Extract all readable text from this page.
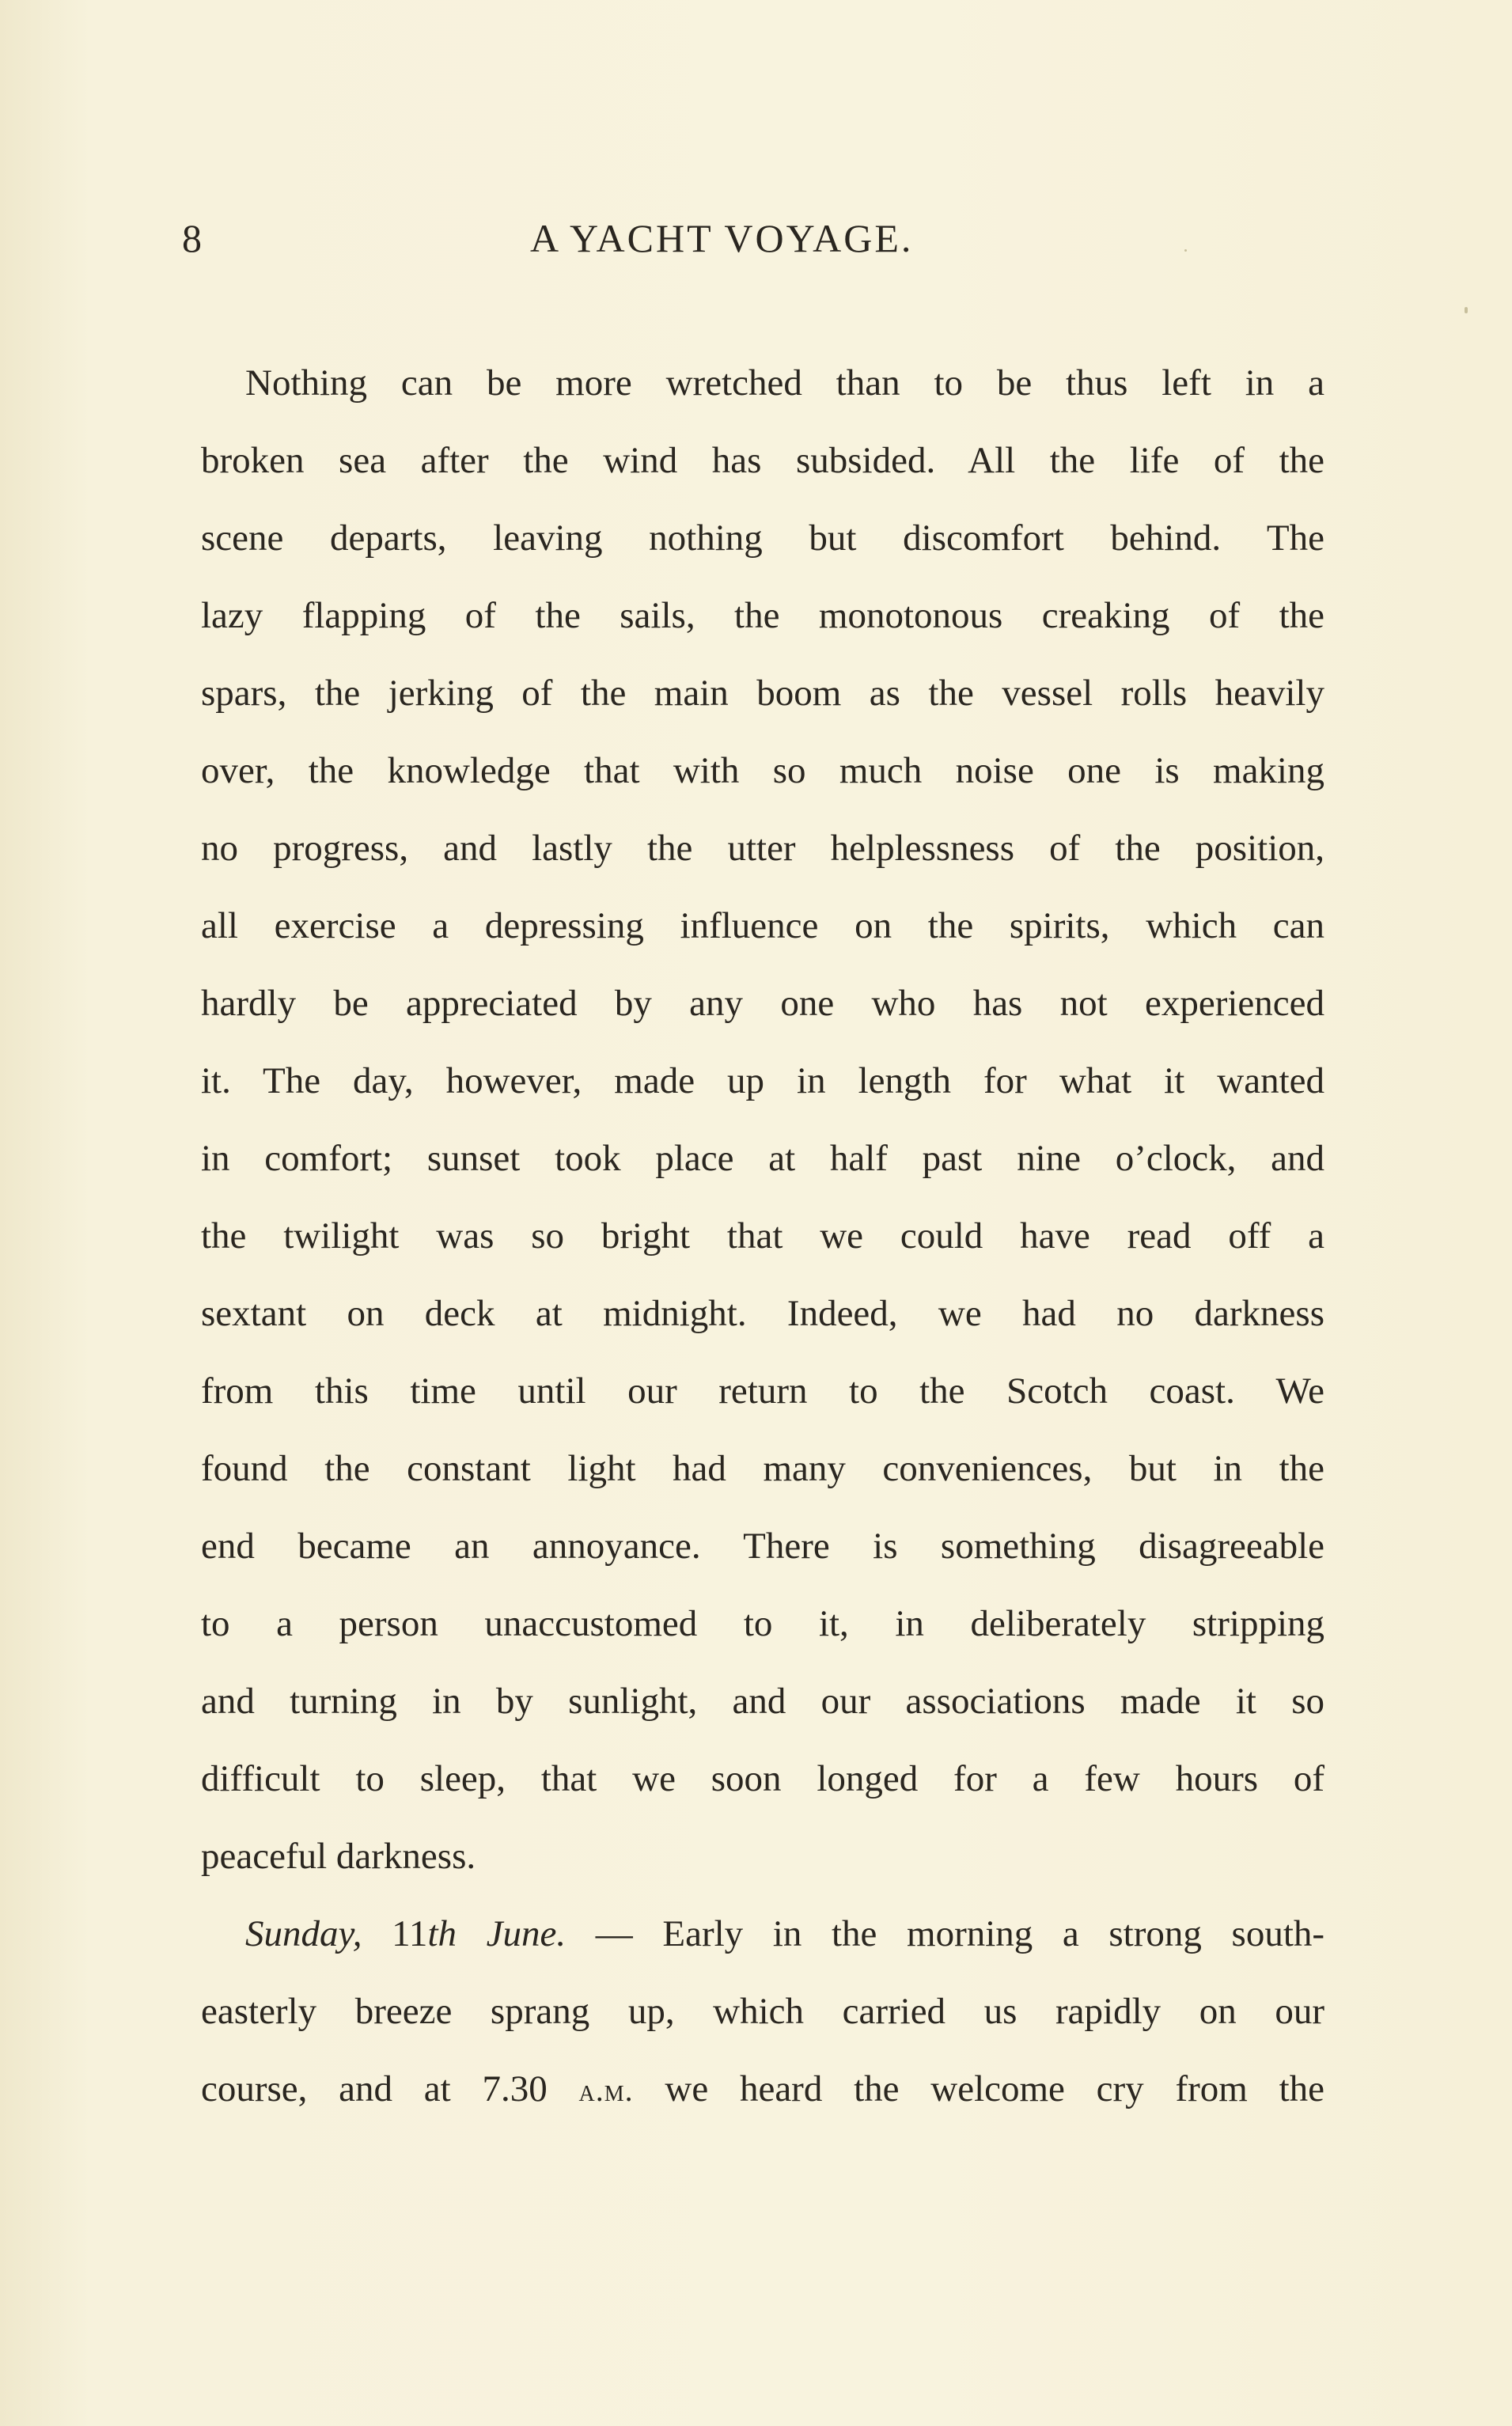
8	A YACHT VOYAGE.
Nothing can be more wretched than to be thus left in a
broken sea after the wind has subsided. All the life of the
scene departs, leaving nothing but discomfort behind. The
lazy flapping of the sails, the monotonous creaking of the
spars, the jerking of the main boom as the vessel rolls heavily
over, the knowledge that with so much noise one is making
no progress, and lastly the utter helplessness of the position,
all exercise a depressing influence on the spirits, which can
hardly be appreciated by any one who has not experienced
it. The day, however, made up in length for what it wanted
in comfort; sunset took place at half past nine o’clock, and
the twilight was so bright that we could have read off a
sextant on deck at midnight. Indeed, we had no darkness
from this time until our return to the Scotch coast. We
found the constant light had many conveniences, but in the
end became an annoyance. There is something disagreeable
to a person unaccustomed to it, in deliberately stripping
and turning in by sunlight, and our associations made it so
difficult to sleep, that we soon longed for a few hours of
peaceful darkness.
Sunday, 11th June. — Early in the morning a strong south-
easterly breeze sprang up, which carried us rapidly on our
course, and at 7.30 a.m. we heard the welcome cry from the
